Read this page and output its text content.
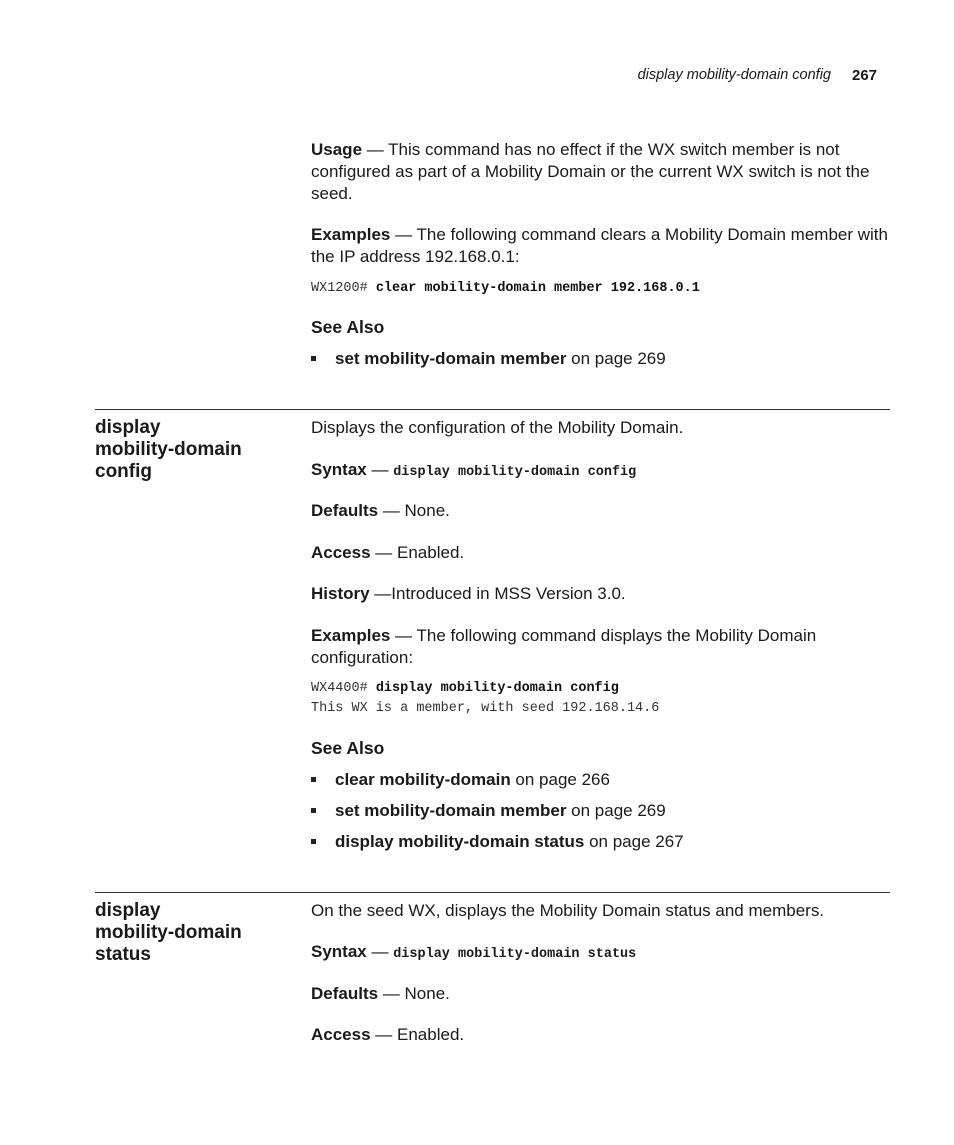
display mobility-domain config 267
Usage — This command has no effect if the WX switch member is not configured as part of a Mobility Domain or the current WX switch is not the seed.
Examples — The following command clears a Mobility Domain member with the IP address 192.168.0.1:
WX1200# clear mobility-domain member 192.168.0.1
See Also
set mobility-domain member on page 269
display
mobility-domain
config
Displays the configuration of the Mobility Domain.
Syntax — display mobility-domain config
Defaults — None.
Access — Enabled.
History —Introduced in MSS Version 3.0.
Examples — The following command displays the Mobility Domain configuration:
WX4400# display mobility-domain config
This WX is a member, with seed 192.168.14.6
See Also
clear mobility-domain on page 266
set mobility-domain member on page 269
display mobility-domain status on page 267
display
mobility-domain
status
On the seed WX, displays the Mobility Domain status and members.
Syntax — display mobility-domain status
Defaults — None.
Access — Enabled.
